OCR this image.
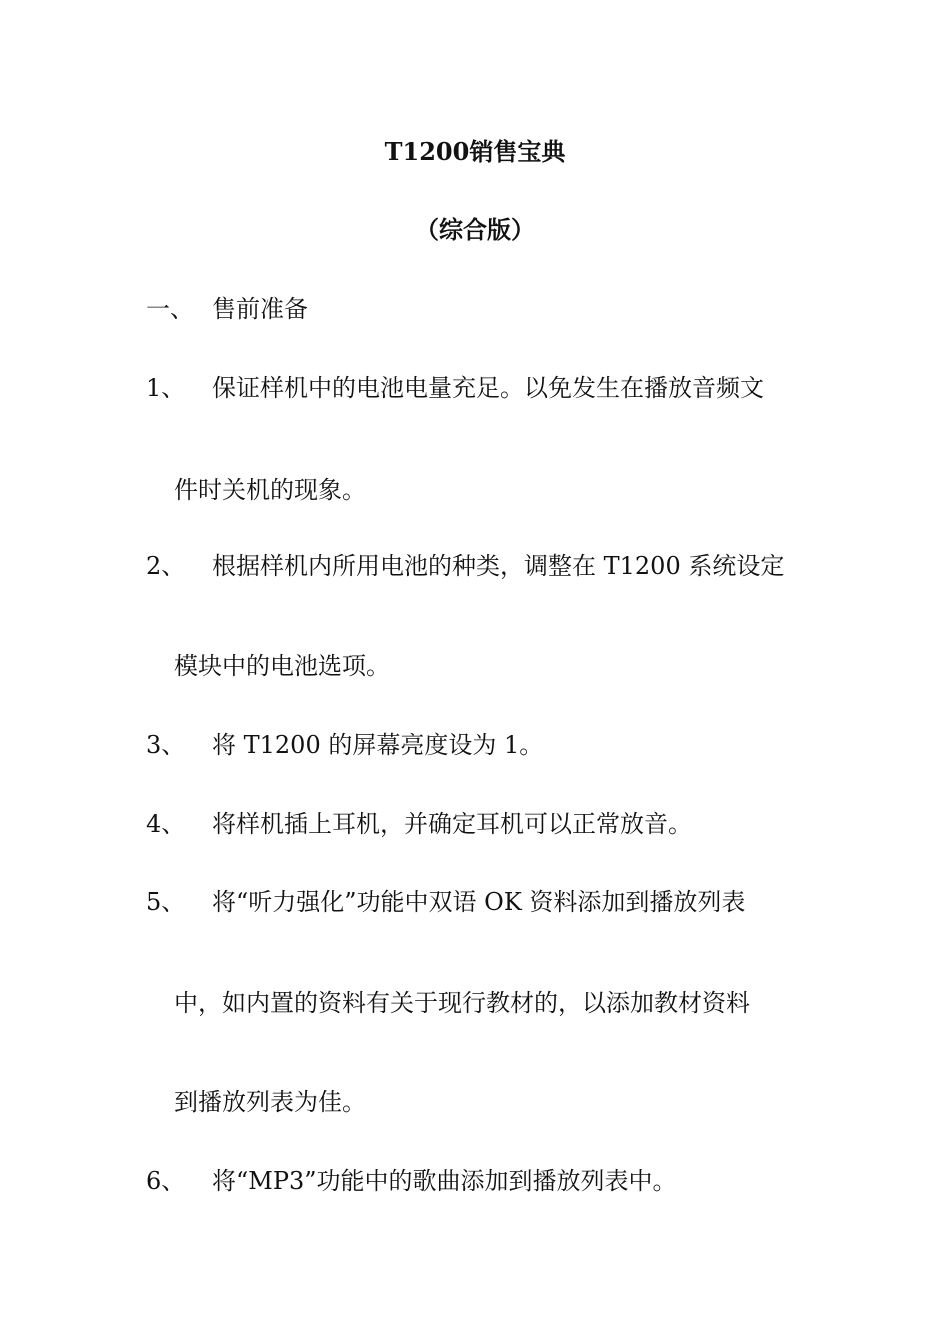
T1200销售宝典
（综合版）
一、 售前准备
1、 保证样机中的电池电量充足。以免发生在播放音频文
件时关机的现象。
2、 根据样机内所用电池的种类，调整在 T1200 系统设定
模块中的电池选项。
3、 将 T1200 的屏幕亮度设为 1。
4、 将样机插上耳机，并确定耳机可以正常放音。
5、 将“听力强化”功能中双语 OK 资料添加到播放列表
中，如内置的资料有关于现行教材的，以添加教材资料
到播放列表为佳。
6、 将“MP3”功能中的歌曲添加到播放列表中。
